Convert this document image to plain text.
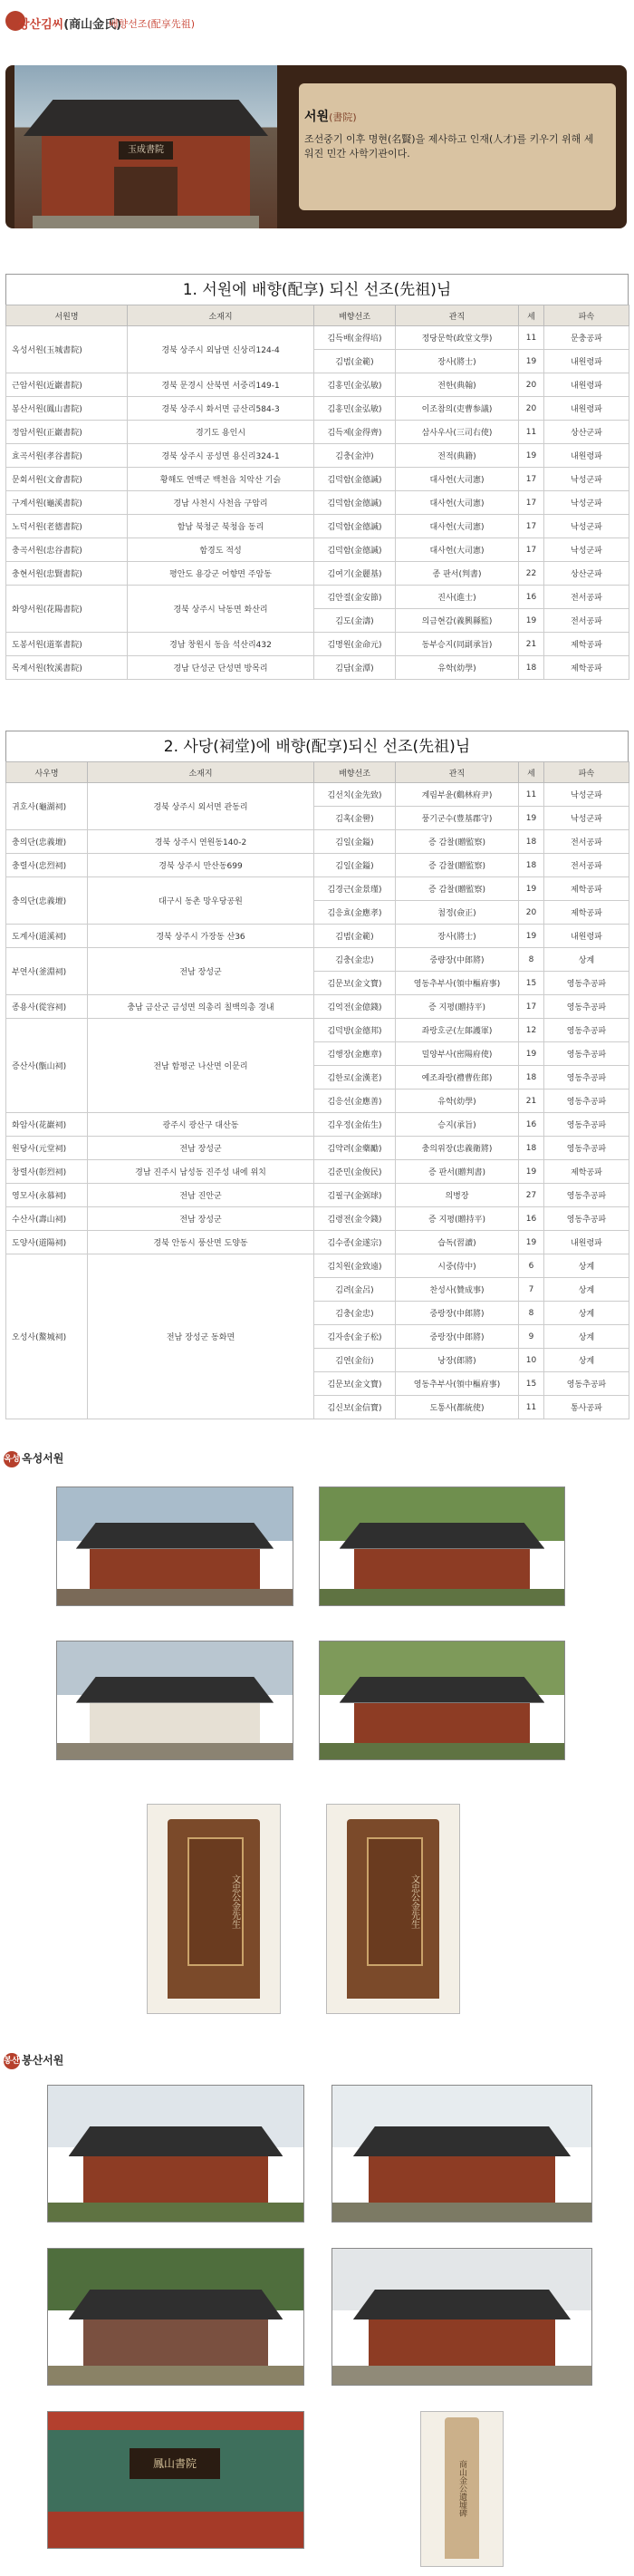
상산김씨(商山金氏)
배향선조(配享先祖)
玉成書院
서원(書院)
조선중기 이후 명현(名賢)을 제사하고 인재(人才)를 키우기 위해 세워진 민간 사학기관이다.
1. 서원에 배향(配享) 되신 선조(先祖)님
서원명	소재지	배향선조	관직	세	파속
옥성서원(玉城書院)	경북 상주시 외남면 신상리124-4	김득배(金得培)	정당문학(政堂文學)	11	문충공파
		김범(金範)	장사(將士)	19	내원령파
근암서원(近巖書院)	경북 문경시 산북면 서중리149-1	김홍민(金弘敏)	전한(典翰)	20	내원령파
봉산서원(鳳山書院)	경북 상주시 화서면 금산리584-3	김홍민(金弘敏)	이조참의(吏曹参議)	20	내원령파
정암서원(正巖書院)	경기도 용인시	김득제(金得齊)	삼사우사(三司右使)	11	상산군파
효곡서원(孝谷書院)	경북 상주시 공성면 용신리324-1	김충(金沖)	전적(典籍)	19	내원령파
문회서원(文會書院)	황해도 연백군 백천읍 치악산 기슭	김덕함(金德諴)	대사헌(大司憲)	17	낙성군파
구계서원(龜溪書院)	경남 사천시 사천읍 구암리	김덕함(金德諴)	대사헌(大司憲)	17	낙성군파
노덕서원(老德書院)	함남 북청군 북청읍 동리	김덕함(金德諴)	대사헌(大司憲)	17	낙성군파
충곡서원(忠谷書院)	함경도 적성	김덕함(金德諴)	대사헌(大司憲)	17	낙성군파
충현서원(忠賢書院)	평안도 용강군 어향면 주암동	김여기(金麗基)	종 판서(判書)	22	상산군파
화양서원(花陽書院)	경북 상주시 낙동면 화산리	김안절(金安節)	진사(進士)	16	전서공파
		김도(金濤)	의금현감(義興縣監)	19	전서공파
도봉서원(道峯書院)	경남 창원시 동읍 석산리432	김명원(金命元)	동부승지(同副承旨)	21	제학공파
목계서원(牧溪書院)	경남 단성군 단성면 방목리	김담(金潭)	유학(幼學)	18	제학공파
2. 사당(祠堂)에 배향(配享)되신 선조(先祖)님
사우명	소재지	배향선조	관직	세	파속
귀호사(龜湖祠)	경북 상주시 외서면 관동리	김선치(金先致)	계림부윤(鷄林府尹)	11	낙성군파
		김혹(金嚳)	풍기군수(豊基郡守)	19	낙성군파
충의단(忠義壇)	경북 상주시 연원동140-2	김일(金鎰)	증 감찰(贈監察)	18	전서공파
충렬사(忠烈祠)	경북 상주시 만산동699	김일(金鎰)	증 감찰(贈監察)	18	전서공파
충의단(忠義壇)	대구시 동촌 망우당공원	김경근(金景瑾)	증 감찰(贈監察)	19	제학공파
		김응효(金應孝)	첨정(僉正)	20	제학공파
도계사(道溪祠)	경북 상주시 가장동 산36	김범(金範)	장사(將士)	19	내원령파
부연사(釜淵祠)	전남 장성군	김충(金忠)	중량장(中郎將)	8	상계
		김문보(金文寶)	영동추부사(領中樞府事)	15	영동추공파
종용사(從容祠)	충남 금산군 금성면 의총리 칠백의총 경내	김억전(金億錢)	증 지평(贈持平)	17	영동추공파
증산사(甑山祠)	전남 함평군 나산면 이문리	김덕방(金德邦)	좌랑호군(左郞護軍)	12	영동추공파
		김행장(金應章)	밀양부사(密陽府使)	19	영동추공파
		김한로(金漢老)	예조좌랑(禮曹佐郎)	18	영동추공파
		김응선(金應善)	유학(幼學)	21	영동추공파
화암사(花巖祠)	광주시 광산구 대산동	김우정(金佑生)	승지(承旨)	16	영동추공파
원당사(元堂祠)	전남 장성군	김약려(金藥勵)	충의위장(忠義衛將)	18	영동추공파
창렬사(彰烈祠)	경남 진주시 남성동 진주성 내에 위치	김준민(金俊民)	증 판서(贈判書)	19	제학공파
영모사(永慕祠)	전남 진안군	김필구(金弼球)	의병장	27	영동추공파
수산사(壽山祠)	전남 장성군	김령전(金令錢)	증 지평(贈持平)	16	영동추공파
도양사(道陽祠)	경북 안동시 풍산면 도양동	김수종(金遂宗)	습독(習讀)	19	내원령파
오성사(鰲城祠)	전남 장성군 동화면	김치원(金致遠)	시중(侍中)	6	상계
		김려(金呂)	찬성사(贊成事)	7	상계
		김충(金忠)	중랑장(中郎將)	8	상계
		김자송(金子松)	중랑장(中郎將)	9	상계
		김연(金衍)	낭장(郎將)	10	상계
		김문보(金文寶)	영동추부사(領中樞府事)	15	영동추공파
		김신보(金信寶)	도통사(都統使)	11	통사공파
옥성 옥성서원
文忠公金先生	文忠公金先生
봉산 봉산서원
鳳山書院	商山金公遺墟碑
